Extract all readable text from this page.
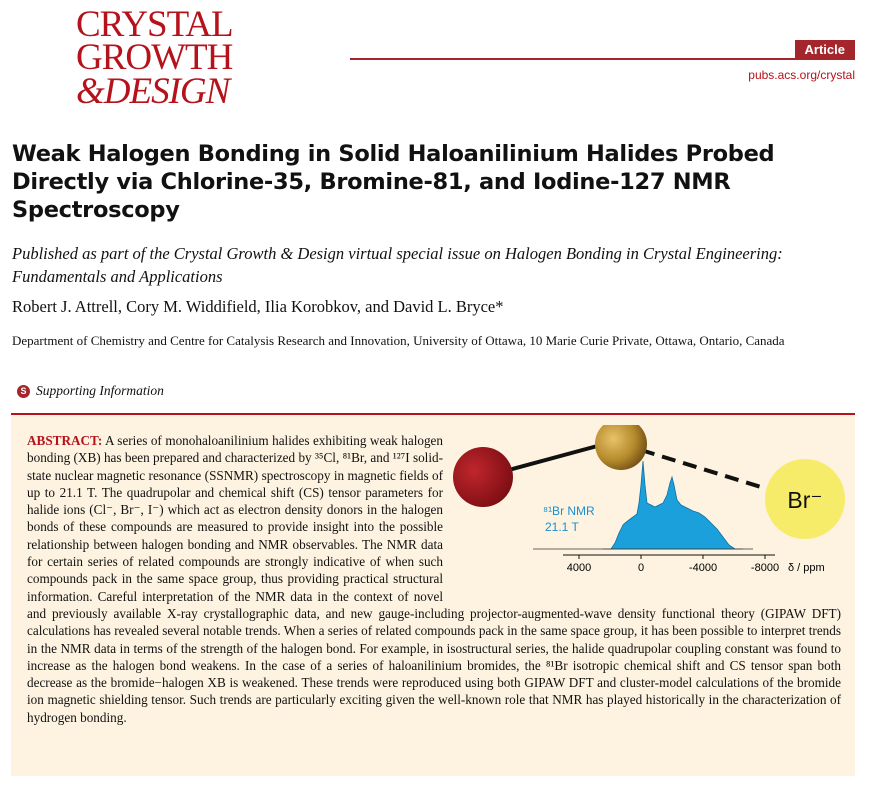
CRYSTAL
GROWTH
&DESIGN
Article
pubs.acs.org/crystal
Weak Halogen Bonding in Solid Haloanilinium Halides Probed Directly via Chlorine-35, Bromine-81, and Iodine-127 NMR Spectroscopy
Published as part of the Crystal Growth & Design virtual special issue on Halogen Bonding in Crystal Engineering: Fundamentals and Applications
Robert J. Attrell, Cory M. Widdifield, Ilia Korobkov, and David L. Bryce*
Department of Chemistry and Centre for Catalysis Research and Innovation, University of Ottawa, 10 Marie Curie Private, Ottawa, Ontario, Canada
S Supporting Information
Br⁻
⁸¹Br NMR
21.1 T
4000	0	-4000	-8000 δ / ppm
ABSTRACT: A series of monohaloanilinium halides exhibiting weak halogen bonding (XB) has been prepared and characterized by ³⁵Cl, ⁸¹Br, and ¹²⁷I solid-state nuclear magnetic resonance (SSNMR) spectroscopy in magnetic fields of up to 21.1 T. The quadrupolar and chemical shift (CS) tensor parameters for halide ions (Cl⁻, Br⁻, I⁻) which act as electron density donors in the halogen bonds of these compounds are measured to provide insight into the possible relationship between halogen bonding and NMR observables. The NMR data for certain series of related compounds are strongly indicative of when such compounds pack in the same space group, thus providing practical structural information. Careful interpretation of the NMR data in the context of novel and previously available X-ray crystallographic data, and new gauge-including projector-augmented-wave density functional theory (GIPAW DFT) calculations has revealed several notable trends. When a series of related compounds pack in the same space group, it has been possible to interpret trends in the NMR data in terms of the strength of the halogen bond. For example, in isostructural series, the halide quadrupolar coupling constant was found to increase as the halogen bond weakens. In the case of a series of haloanilinium bromides, the ⁸¹Br isotropic chemical shift and CS tensor span both decrease as the bromide−halogen XB is weakened. These trends were reproduced using both GIPAW DFT and cluster-model calculations of the bromide ion magnetic shielding tensor. Such trends are particularly exciting given the well-known role that NMR has played historically in the characterization of hydrogen bonding.
